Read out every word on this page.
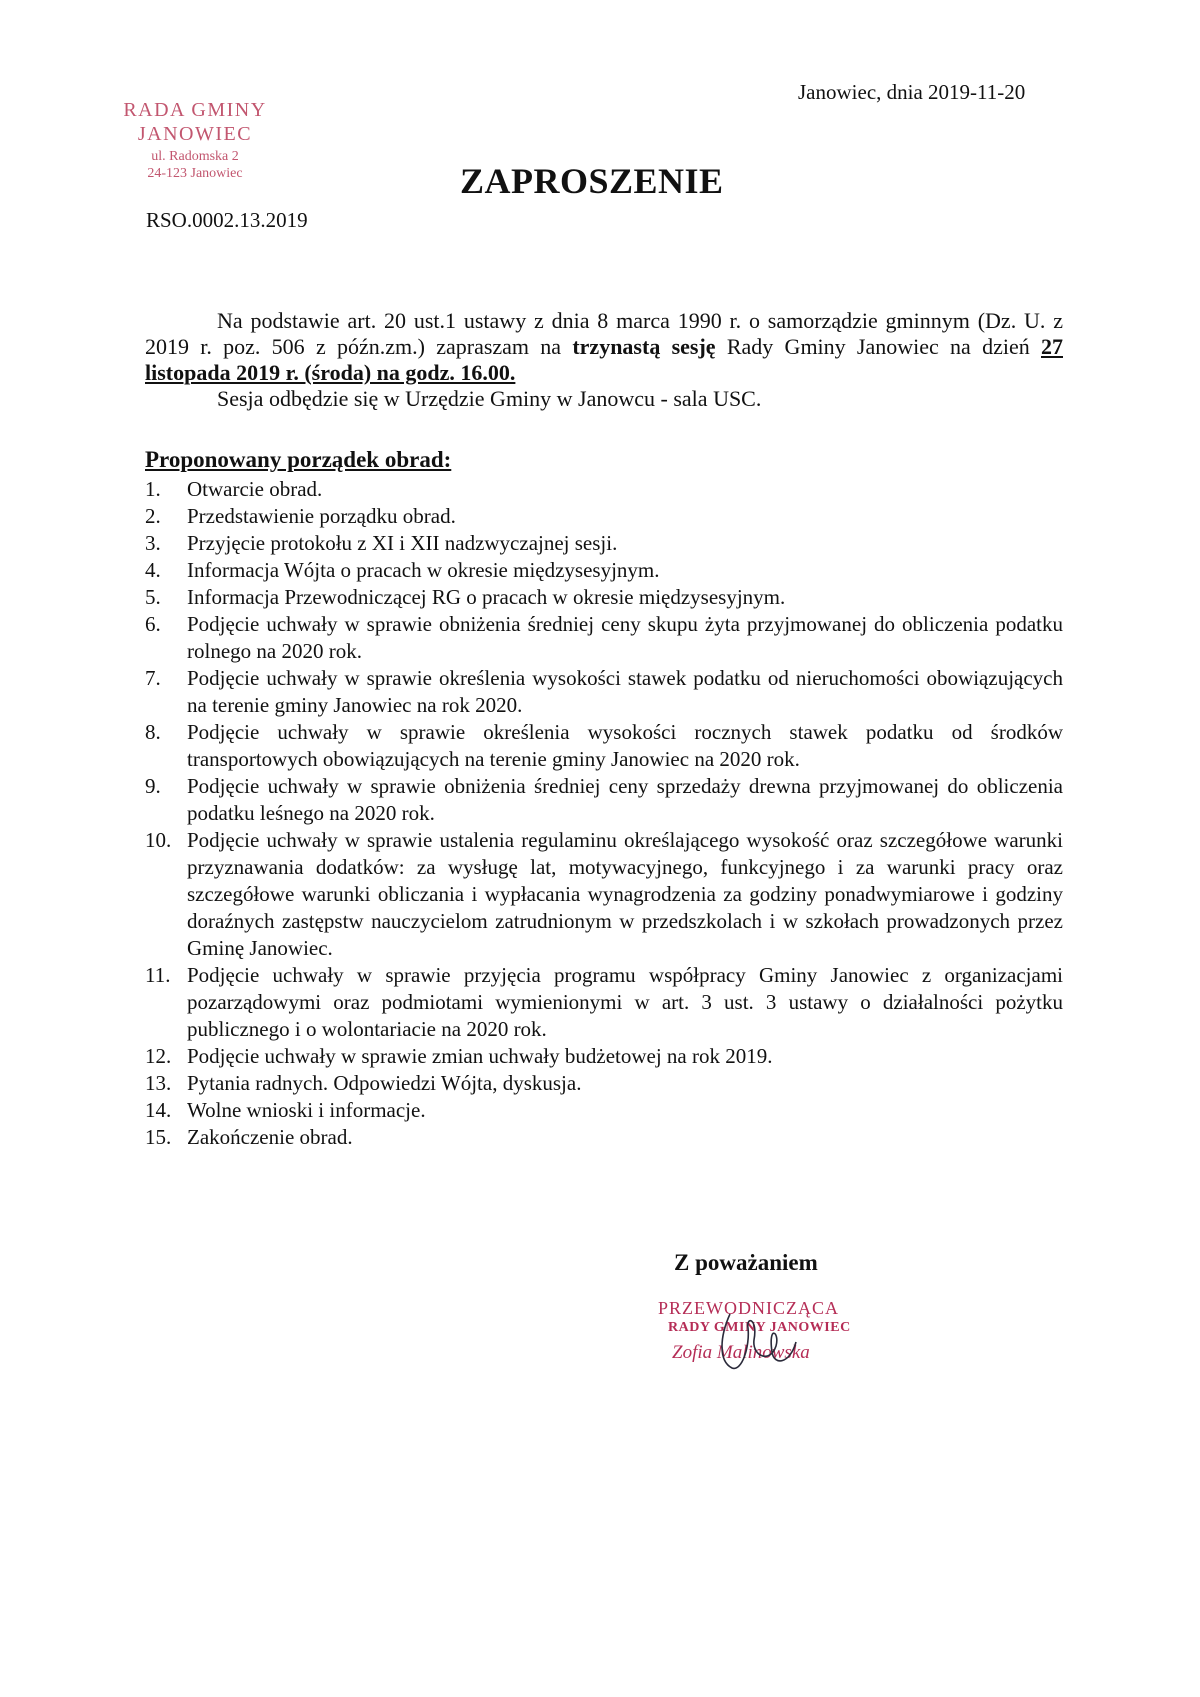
RADA GMINY
JANOWIEC
ul. Radomska 2
24-123 Janowiec
Janowiec, dnia 2019-11-20
ZAPROSZENIE
RSO.0002.13.2019

Na podstawie art. 20 ust.1 ustawy z dnia 8 marca 1990 r. o samorządzie gminnym (Dz. U. z 2019 r. poz. 506 z późn.zm.) zapraszam na trzynastą sesję Rady Gminy Janowiec na dzień 27 listopada 2019 r. (środa) na godz. 16.00.

Sesja odbędzie się w Urzędzie Gminy w Janowcu - sala USC.

Proponowany porządek obrad:
1. Otwarcie obrad.
2. Przedstawienie porządku obrad.
3. Przyjęcie protokołu z XI i XII nadzwyczajnej sesji.
4. Informacja Wójta o pracach w okresie międzysesyjnym.
5. Informacja Przewodniczącej RG o pracach w okresie międzysesyjnym.
6. Podjęcie uchwały w sprawie obniżenia średniej ceny skupu żyta przyjmowanej do obliczenia podatku rolnego na 2020 rok.
7. Podjęcie uchwały w sprawie określenia wysokości stawek podatku od nieruchomości obowiązujących na terenie gminy Janowiec na rok 2020.
8. Podjęcie uchwały w sprawie określenia wysokości rocznych stawek podatku od środków transportowych obowiązujących na terenie gminy Janowiec na 2020 rok.
9. Podjęcie uchwały w sprawie obniżenia średniej ceny sprzedaży drewna przyjmowanej do obliczenia podatku leśnego na 2020 rok.
10. Podjęcie uchwały w sprawie ustalenia regulaminu określającego wysokość oraz szczegółowe warunki przyznawania dodatków: za wysługę lat, motywacyjnego, funkcyjnego i za warunki pracy oraz szczegółowe warunki obliczania i wypłacania wynagrodzenia za godziny ponadwymiarowe i godziny doraźnych zastępstw nauczycielom zatrudnionym w przedszkolach i w szkołach prowadzonych przez Gminę Janowiec.
11. Podjęcie uchwały w sprawie przyjęcia programu współpracy Gminy Janowiec z organizacjami pozarządowymi oraz podmiotami wymienionymi w art. 3 ust. 3 ustawy o działalności pożytku publicznego i o wolontariacie na 2020 rok.
12. Podjęcie uchwały w sprawie zmian uchwały budżetowej na rok 2019.
13. Pytania radnych. Odpowiedzi Wójta, dyskusja.
14. Wolne wnioski i informacje.
15. Zakończenie obrad.
Z poważaniem
PRZEWODNICZĄCA
RADY GMINY JANOWIEC
Zofia Malinowska
